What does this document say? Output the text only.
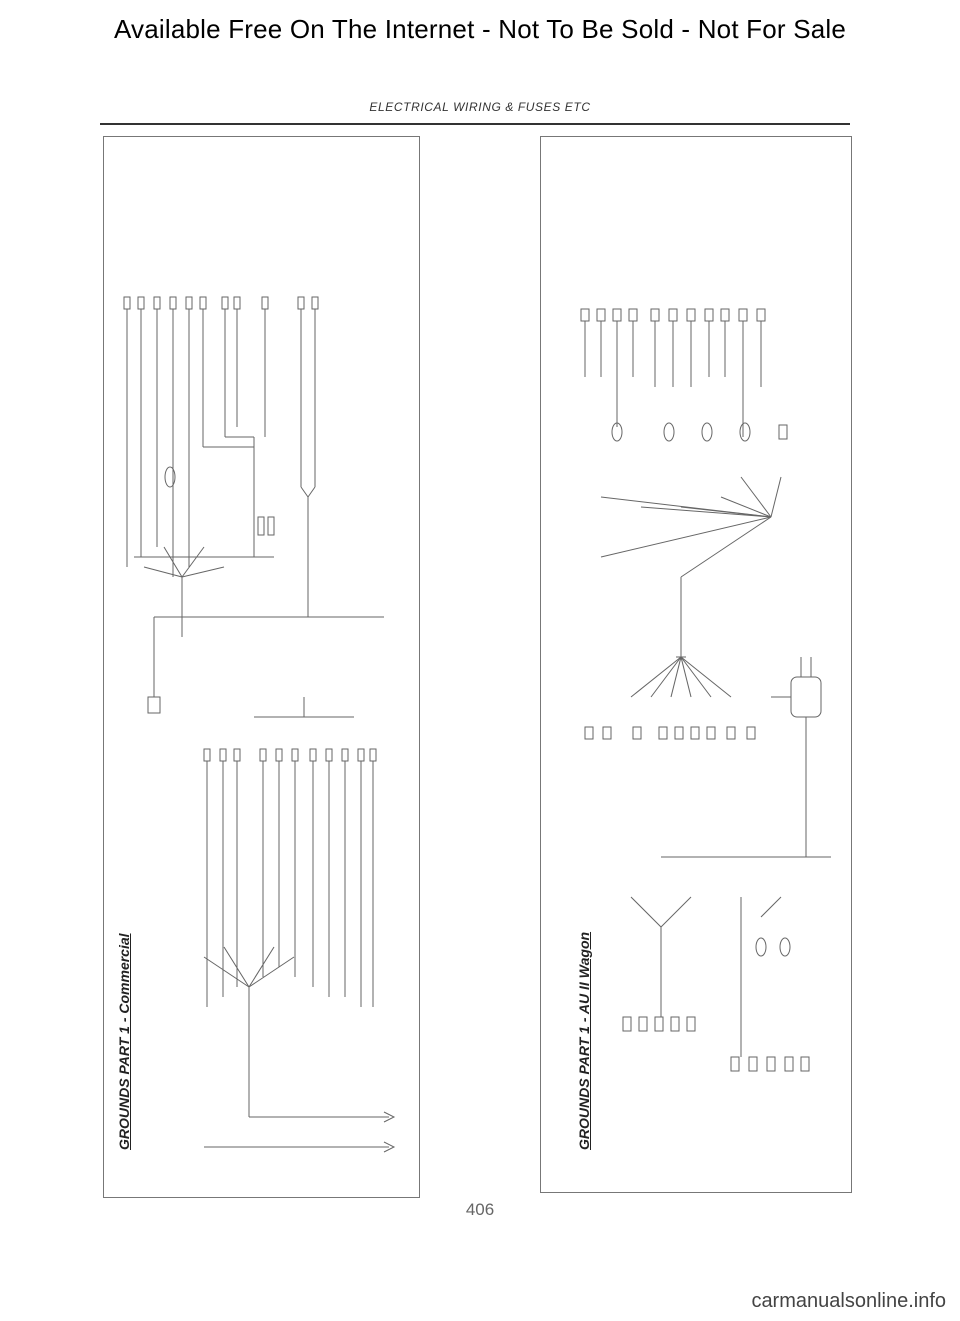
Available Free On The Internet - Not To Be Sold - Not For Sale
ELECTRICAL WIRING & FUSES ETC
GROUNDS PART 1 - Commercial	GROUNDS PART 1 - AU II Wagon
406
carmanualsonline.info
